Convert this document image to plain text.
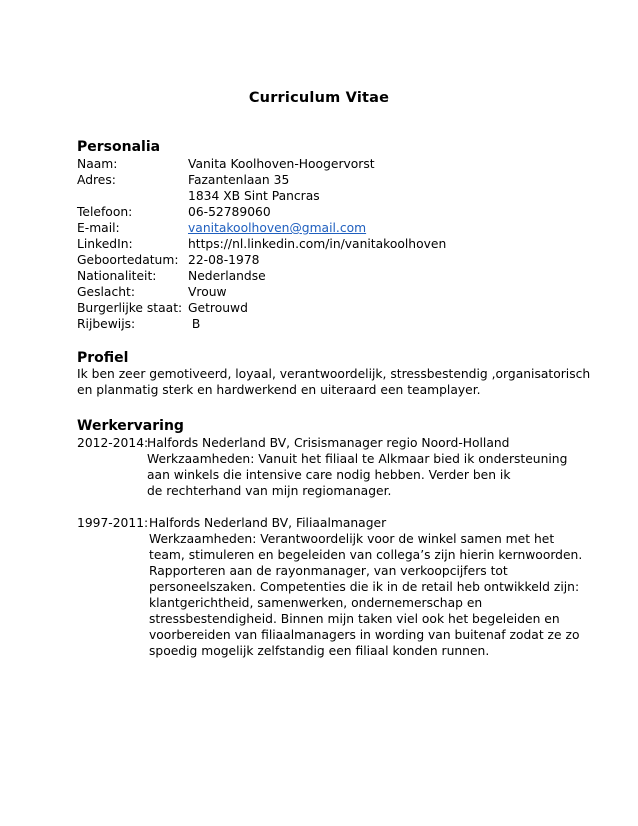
Curriculum Vitae
Personalia
Naam:	Vanita Koolhoven-Hoogervorst
Adres:	Fazantenlaan 35
1834 XB Sint Pancras
Telefoon:	06-52789060
E-mail:	vanitakoolhoven@gmail.com
LinkedIn:	https://nl.linkedin.com/in/vanitakoolhoven
Geboortedatum: 22-08-1978
Nationaliteit:	Nederlandse
Geslacht:	Vrouw
Burgerlijke staat: Getrouwd
Rijbewijs:	B
Profiel
Ik ben zeer gemotiveerd, loyaal, verantwoordelijk, stressbestendig ,organisatorisch
en planmatig sterk en hardwerkend en uiteraard een teamplayer.
Werkervaring
2012-2014:
Halfords Nederland BV, Crisismanager regio Noord-Holland
Werkzaamheden: Vanuit het filiaal te Alkmaar bied ik ondersteuning
aan winkels die intensive care nodig hebben. Verder ben ik
de rechterhand van mijn regiomanager.
1997-2011: Halfords Nederland BV, Filiaalmanager
Werkzaamheden: Verantwoordelijk voor de winkel samen met het
team, stimuleren en begeleiden van collega’s zijn hierin kernwoorden.
Rapporteren aan de rayonmanager, van verkoopcijfers tot
personeelszaken. Competenties die ik in de retail heb ontwikkeld zijn:
klantgerichtheid, samenwerken, ondernemerschap en
stressbestendigheid. Binnen mijn taken viel ook het begeleiden en
voorbereiden van filiaalmanagers in wording van buitenaf zodat ze zo
spoedig mogelijk zelfstandig een filiaal konden runnen.
